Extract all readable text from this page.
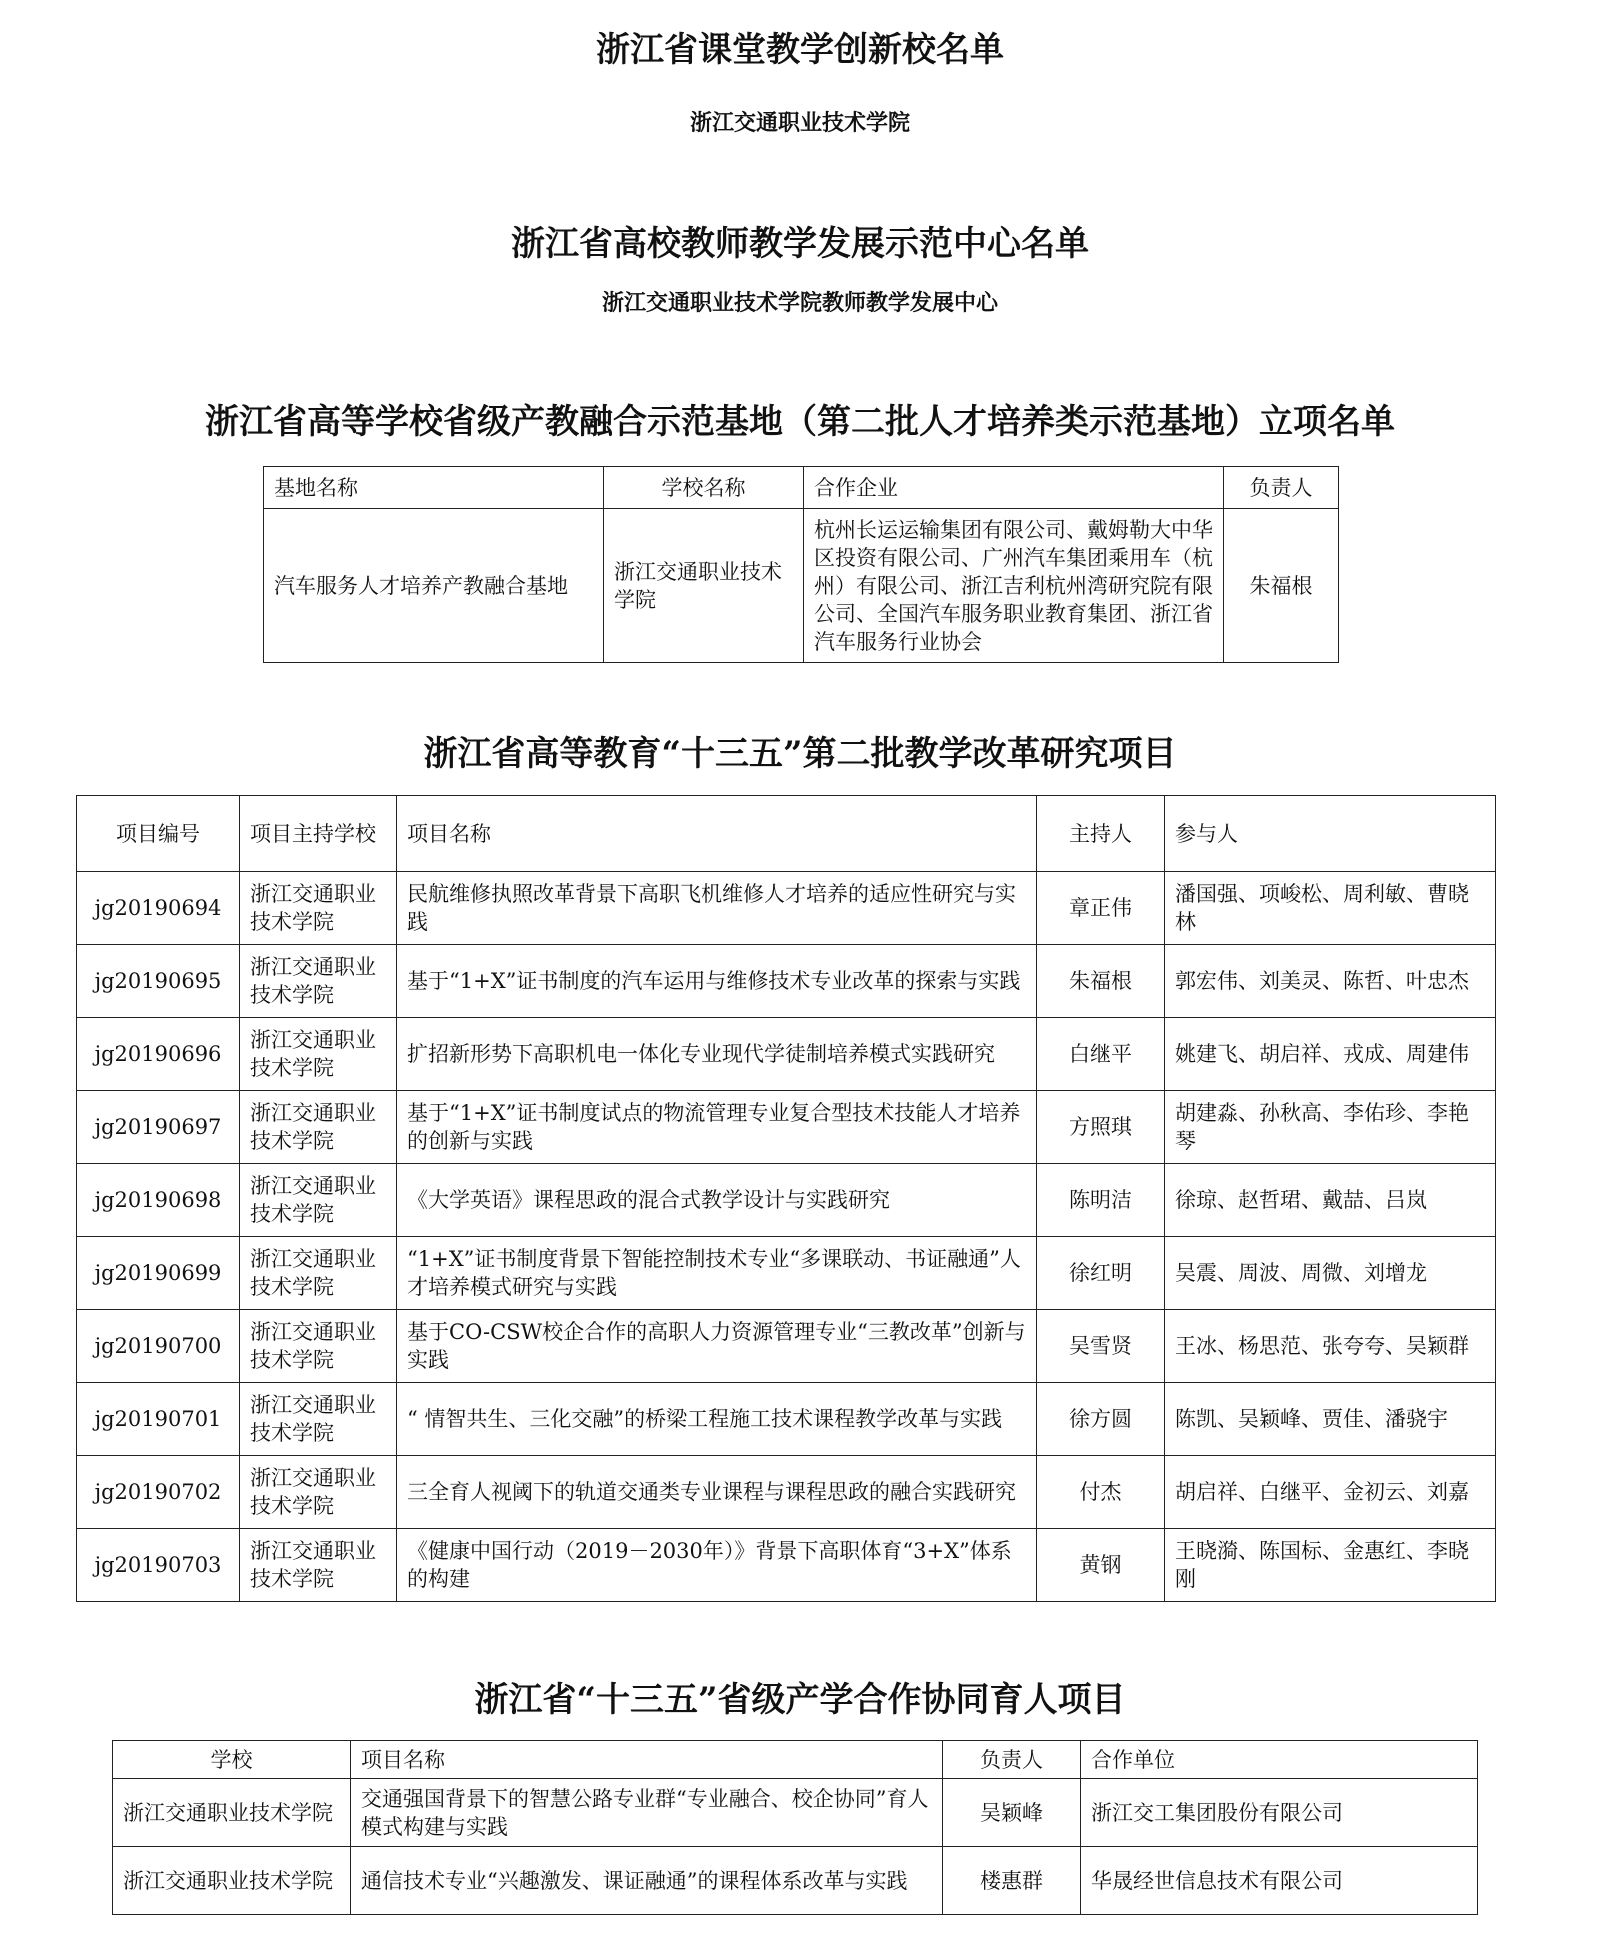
浙江省课堂教学创新校名单
浙江交通职业技术学院
浙江省高校教师教学发展示范中心名单
浙江交通职业技术学院教师教学发展中心
浙江省高等学校省级产教融合示范基地（第二批人才培养类示范基地）立项名单
基地名称	学校名称	合作企业	负责人
汽车服务人才培养产教融合基地	浙江交通职业技术学院	杭州长运运输集团有限公司、戴姆勒大中华区投资有限公司、广州汽车集团乘用车（杭州）有限公司、浙江吉利杭州湾研究院有限公司、全国汽车服务职业教育集团、浙江省汽车服务行业协会	朱福根
浙江省高等教育“十三五”第二批教学改革研究项目
项目编号	项目主持学校	项目名称	主持人	参与人
jg20190694	浙江交通职业技术学院	民航维修执照改革背景下高职飞机维修人才培养的适应性研究与实践	章正伟	潘国强、项峻松、周利敏、曹晓林
jg20190695	浙江交通职业技术学院	基于“1+X”证书制度的汽车运用与维修技术专业改革的探索与实践	朱福根	郭宏伟、刘美灵、陈哲、叶忠杰
jg20190696	浙江交通职业技术学院	扩招新形势下高职机电一体化专业现代学徒制培养模式实践研究	白继平	姚建飞、胡启祥、戎成、周建伟
jg20190697	浙江交通职业技术学院	基于“1+X”证书制度试点的物流管理专业复合型技术技能人才培养的创新与实践	方照琪	胡建淼、孙秋高、李佑珍、李艳琴
jg20190698	浙江交通职业技术学院	《大学英语》课程思政的混合式教学设计与实践研究	陈明洁	徐琼、赵哲珺、戴喆、吕岚
jg20190699	浙江交通职业技术学院	“1+X”证书制度背景下智能控制技术专业“多课联动、书证融通”人才培养模式研究与实践	徐红明	吴震、周波、周微、刘增龙
jg20190700	浙江交通职业技术学院	基于CO-CSW校企合作的高职人力资源管理专业“三教改革”创新与实践	吴雪贤	王冰、杨思范、张夸夸、吴颖群
jg20190701	浙江交通职业技术学院	“ 情智共生、三化交融”的桥梁工程施工技术课程教学改革与实践	徐方圆	陈凯、吴颖峰、贾佳、潘骁宇
jg20190702	浙江交通职业技术学院	三全育人视阈下的轨道交通类专业课程与课程思政的融合实践研究	付杰	胡启祥、白继平、金初云、刘嘉
jg20190703	浙江交通职业技术学院	《健康中国行动（2019－2030年）》背景下高职体育“3+X”体系的构建	黄钢	王晓漪、陈国标、金惠红、李晓刚
浙江省“十三五”省级产学合作协同育人项目
学校	项目名称	负责人	合作单位
浙江交通职业技术学院	交通强国背景下的智慧公路专业群“专业融合、校企协同”育人模式构建与实践	吴颖峰	浙江交工集团股份有限公司
浙江交通职业技术学院	通信技术专业“兴趣激发、课证融通”的课程体系改革与实践	楼惠群	华晟经世信息技术有限公司
